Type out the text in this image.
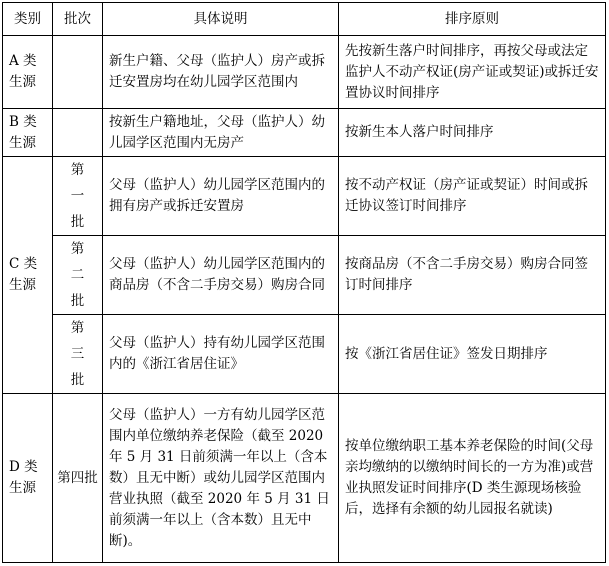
类别	批次	具体说明	排序原则
A 类生源		新生户籍、父母（监护人）房产或拆迁安置房均在幼儿园学区范围内	先按新生落户时间排序，再按父母或法定监护人不动产权证(房产证或契证)或拆迁安置协议时间排序
B 类生源		按新生户籍地址，父母（监护人）幼儿园学区范围内无房产	按新生本人落户时间排序
C 类生源	第
一
批	父母（监护人）幼儿园学区范围内的拥有房产或拆迁安置房	按不动产权证（房产证或契证）时间或拆迁协议签订时间排序

	第
二
批	父母（监护人）幼儿园学区范围内的商品房（不含二手房交易）购房合同	按商品房（不含二手房交易）购房合同签订时间排序

	第
三
批	父母（监护人）持有幼儿园学区范围内的《浙江省居住证》	按《浙江省居住证》签发日期排序
D 类生源	第四批	父母（监护人）一方有幼儿园学区范围内单位缴纳养老保险（截至 2020 年 5 月 31 日前须满一年以上（含本数）且无中断）或幼儿园学区范围内营业执照（截至 2020 年 5 月 31 日前须满一年以上（含本数）且无中断)。	按单位缴纳职工基本养老保险的时间(父母亲均缴纳的以缴纳时间长的一方为准)或营业执照发证时间排序(D 类生源现场核验后，选择有余额的幼儿园报名就读)
